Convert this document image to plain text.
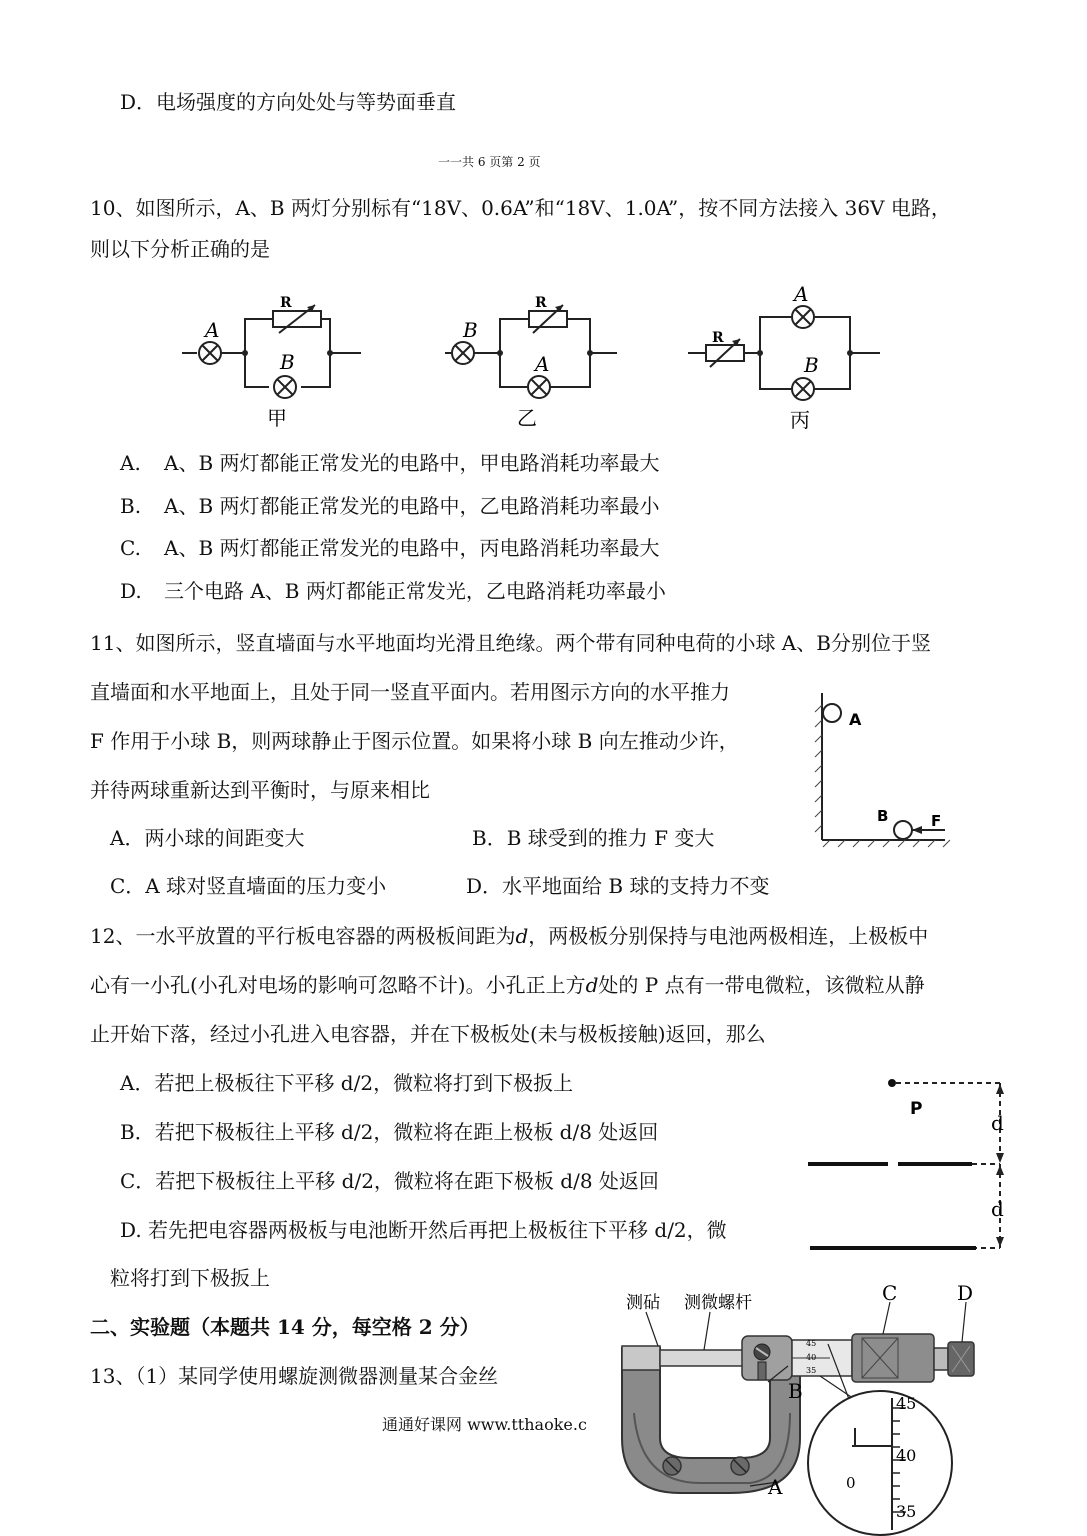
D．电场强度的方向处处与等势面垂直
一一共 6 页第 2 页
10、如图所示，A、B 两灯分别标有“18V、0.6A”和“18V、1.0A”，按不同方法接入 36V 电路，
则以下分析正确的是
R
A
B
甲
R
B
A
乙
R
A
B
丙
A. A、B 两灯都能正常发光的电路中，甲电路消耗功率最大
B. A、B 两灯都能正常发光的电路中，乙电路消耗功率最小
C. A、B 两灯都能正常发光的电路中，丙电路消耗功率最大
D. 三个电路 A、B 两灯都能正常发光，乙电路消耗功率最小
11、如图所示，竖直墙面与水平地面均光滑且绝缘。两个带有同种电荷的小球 A、B分别位于竖
直墙面和水平地面上，且处于同一竖直平面内。若用图示方向的水平推力
F 作用于小球 B，则两球静止于图示位置。如果将小球 B 向左推动少许，
并待两球重新达到平衡时，与原来相比
A．两小球的间距变大	B．B 球受到的推力 F 变大
C．A 球对竖直墙面的压力变小	D．水平地面给 B 球的支持力不变
A
B	F
12、一水平放置的平行板电容器的两极板间距为d，两极板分别保持与电池两极相连，上极板中
心有一小孔(小孔对电场的影响可忽略不计)。小孔正上方d处的 P 点有一带电微粒，该微粒从静
止开始下落，经过小孔进入电容器，并在下极板处(未与极板接触)返回，那么
A．若把上极板往下平移 d/2，微粒将打到下极扳上
B．若把下极板往上平移 d/2，微粒将在距上极板 d/8 处返回
C．若把下极板往上平移 d/2，微粒将在距下极板 d/8 处返回
D. 若先把电容器两极板与电池断开然后再把上极板往下平移 d/2，微
粒将打到下极扳上
P
d
d
二、实验题（本题共 14 分，每空格 2 分）
13、（1）某同学使用螺旋测微器测量某合金丝
通通好课网 www.tthaoke.c
45
40
35
45
40
35
0
测砧 测微螺杆	C	D
B
A
